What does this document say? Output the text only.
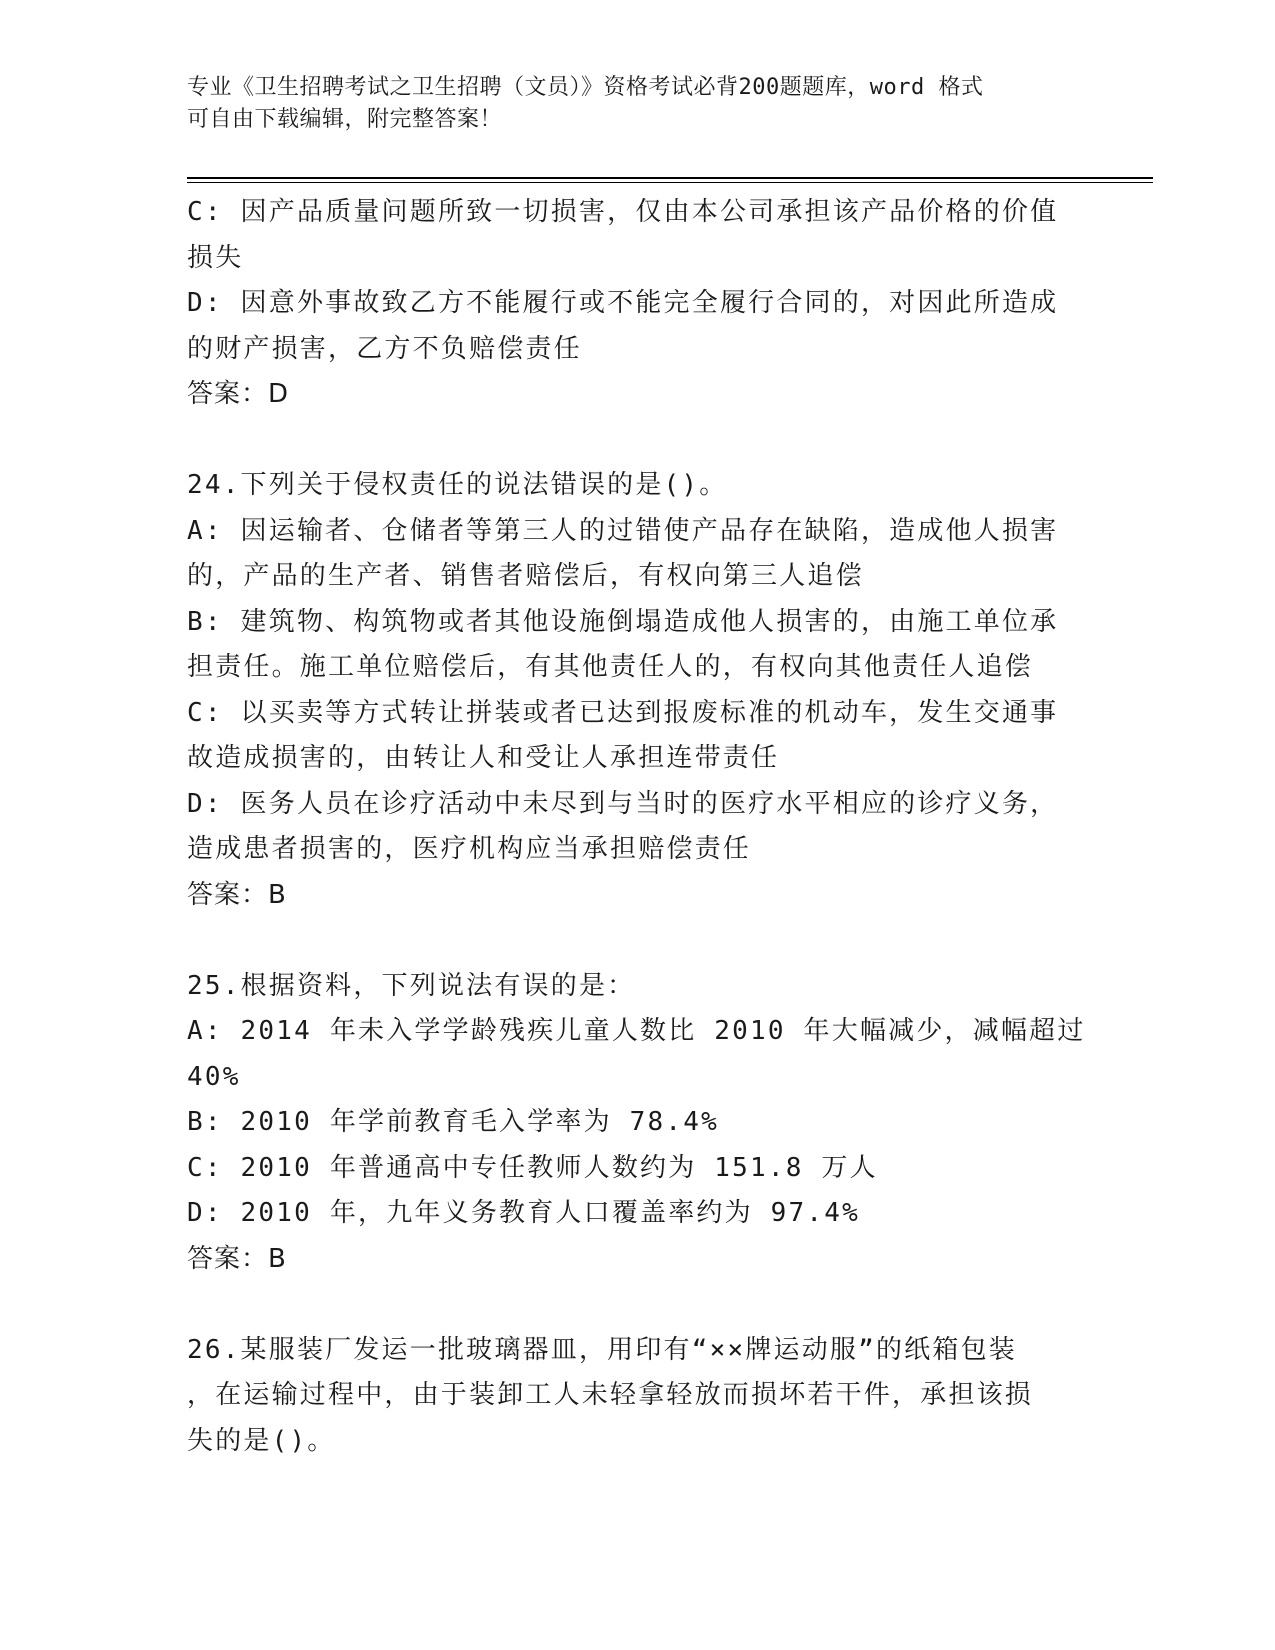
专业《卫生招聘考试之卫生招聘（文员）》资格考试必背200题题库，word 格式
可自由下载编辑，附完整答案！
C: 因产品质量问题所致一切损害，仅由本公司承担该产品价格的价值
损失
D: 因意外事故致乙方不能履行或不能完全履行合同的，对因此所造成
的财产损害，乙方不负赔偿责任
答案：D
24.下列关于侵权责任的说法错误的是()。
A: 因运输者、仓储者等第三人的过错使产品存在缺陷，造成他人损害
的，产品的生产者、销售者赔偿后，有权向第三人追偿
B: 建筑物、构筑物或者其他设施倒塌造成他人损害的，由施工单位承
担责任。施工单位赔偿后，有其他责任人的，有权向其他责任人追偿
C: 以买卖等方式转让拼装或者已达到报废标准的机动车，发生交通事
故造成损害的，由转让人和受让人承担连带责任
D: 医务人员在诊疗活动中未尽到与当时的医疗水平相应的诊疗义务，
造成患者损害的，医疗机构应当承担赔偿责任
答案：B
25.根据资料，下列说法有误的是：
A: 2014 年未入学学龄残疾儿童人数比 2010 年大幅减少，减幅超过
40%
B: 2010 年学前教育毛入学率为 78.4%
C: 2010 年普通高中专任教师人数约为 151.8 万人
D: 2010 年，九年义务教育人口覆盖率约为 97.4%
答案：B
26.某服装厂发运一批玻璃器皿，用印有“××牌运动服”的纸箱包装
，在运输过程中，由于装卸工人未轻拿轻放而损坏若干件，承担该损
失的是()。
